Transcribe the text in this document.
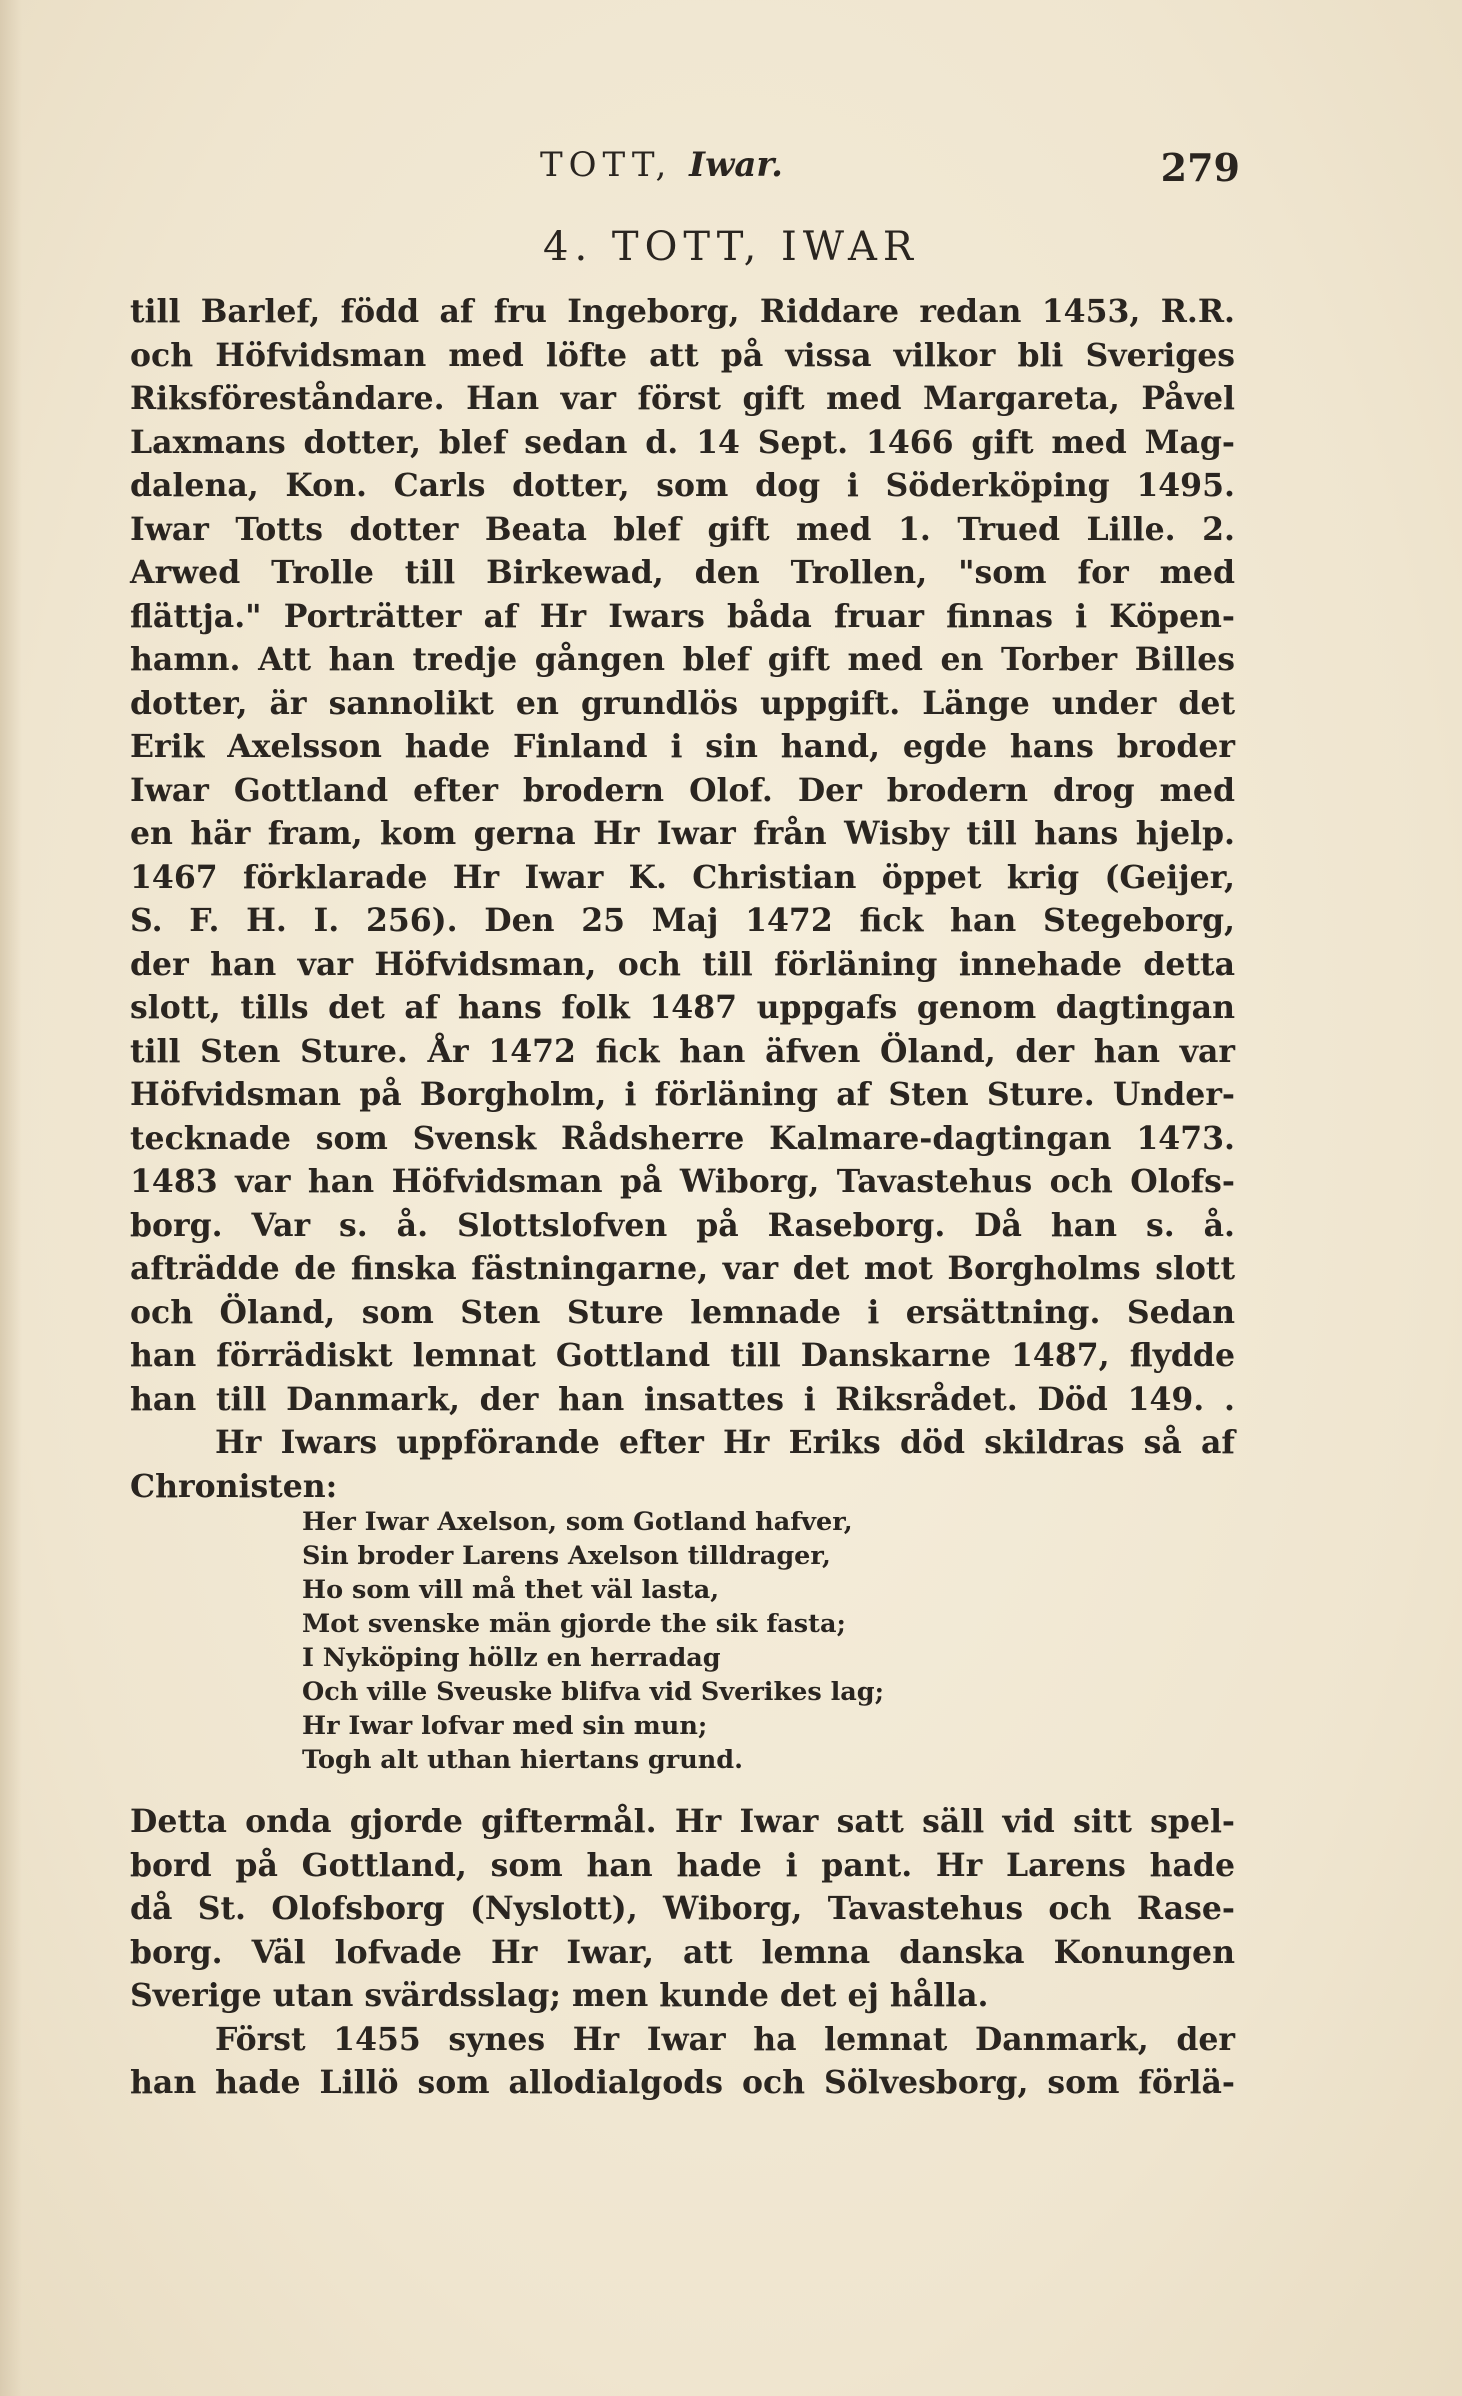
TOTT, Iwar.	279
4. TOTT, IWAR
till Barlef, född af fru Ingeborg, Riddare redan 1453, R.R.
och Höfvidsman med löfte att på vissa vilkor bli Sveriges
Riksföreståndare. Han var först gift med Margareta, Påvel
Laxmans dotter, blef sedan d. 14 Sept. 1466 gift med Mag-
dalena, Kon. Carls dotter, som dog i Söderköping 1495.
Iwar Totts dotter Beata blef gift med 1. Trued Lille. 2.
Arwed Trolle till Birkewad, den Trollen, "som for med
flättja." Porträtter af Hr Iwars båda fruar finnas i Köpen-
hamn. Att han tredje gången blef gift med en Torber Billes
dotter, är sannolikt en grundlös uppgift. Länge under det
Erik Axelsson hade Finland i sin hand, egde hans broder
Iwar Gottland efter brodern Olof. Der brodern drog med
en här fram, kom gerna Hr Iwar från Wisby till hans hjelp.
1467 förklarade Hr Iwar K. Christian öppet krig (Geijer,
S. F. H. I. 256). Den 25 Maj 1472 fick han Stegeborg,
der han var Höfvidsman, och till förläning innehade detta
slott, tills det af hans folk 1487 uppgafs genom dagtingan
till Sten Sture. År 1472 fick han äfven Öland, der han var
Höfvidsman på Borgholm, i förläning af Sten Sture. Under-
tecknade som Svensk Rådsherre Kalmare-dagtingan 1473.
1483 var han Höfvidsman på Wiborg, Tavastehus och Olofs-
borg. Var s. å. Slottslofven på Raseborg. Då han s. å.
afträdde de finska fästningarne, var det mot Borgholms slott
och Öland, som Sten Sture lemnade i ersättning. Sedan
han förrädiskt lemnat Gottland till Danskarne 1487, flydde
han till Danmark, der han insattes i Riksrådet. Död 149. .
Hr Iwars uppförande efter Hr Eriks död skildras så af
Chronisten:
Her Iwar Axelson, som Gotland hafver,
Sin broder Larens Axelson tilldrager,
Ho som vill må thet väl lasta,
Mot svenske män gjorde the sik fasta;
I Nyköping höllz en herradag
Och ville Sveuske blifva vid Sverikes lag;
Hr Iwar lofvar med sin mun;
Togh alt uthan hiertans grund.
Detta onda gjorde giftermål. Hr Iwar satt säll vid sitt spel-
bord på Gottland, som han hade i pant. Hr Larens hade
då St. Olofsborg (Nyslott), Wiborg, Tavastehus och Rase-
borg. Väl lofvade Hr Iwar, att lemna danska Konungen
Sverige utan svärdsslag; men kunde det ej hålla.
Först 1455 synes Hr Iwar ha lemnat Danmark, der
han hade Lillö som allodialgods och Sölvesborg, som förlä-
